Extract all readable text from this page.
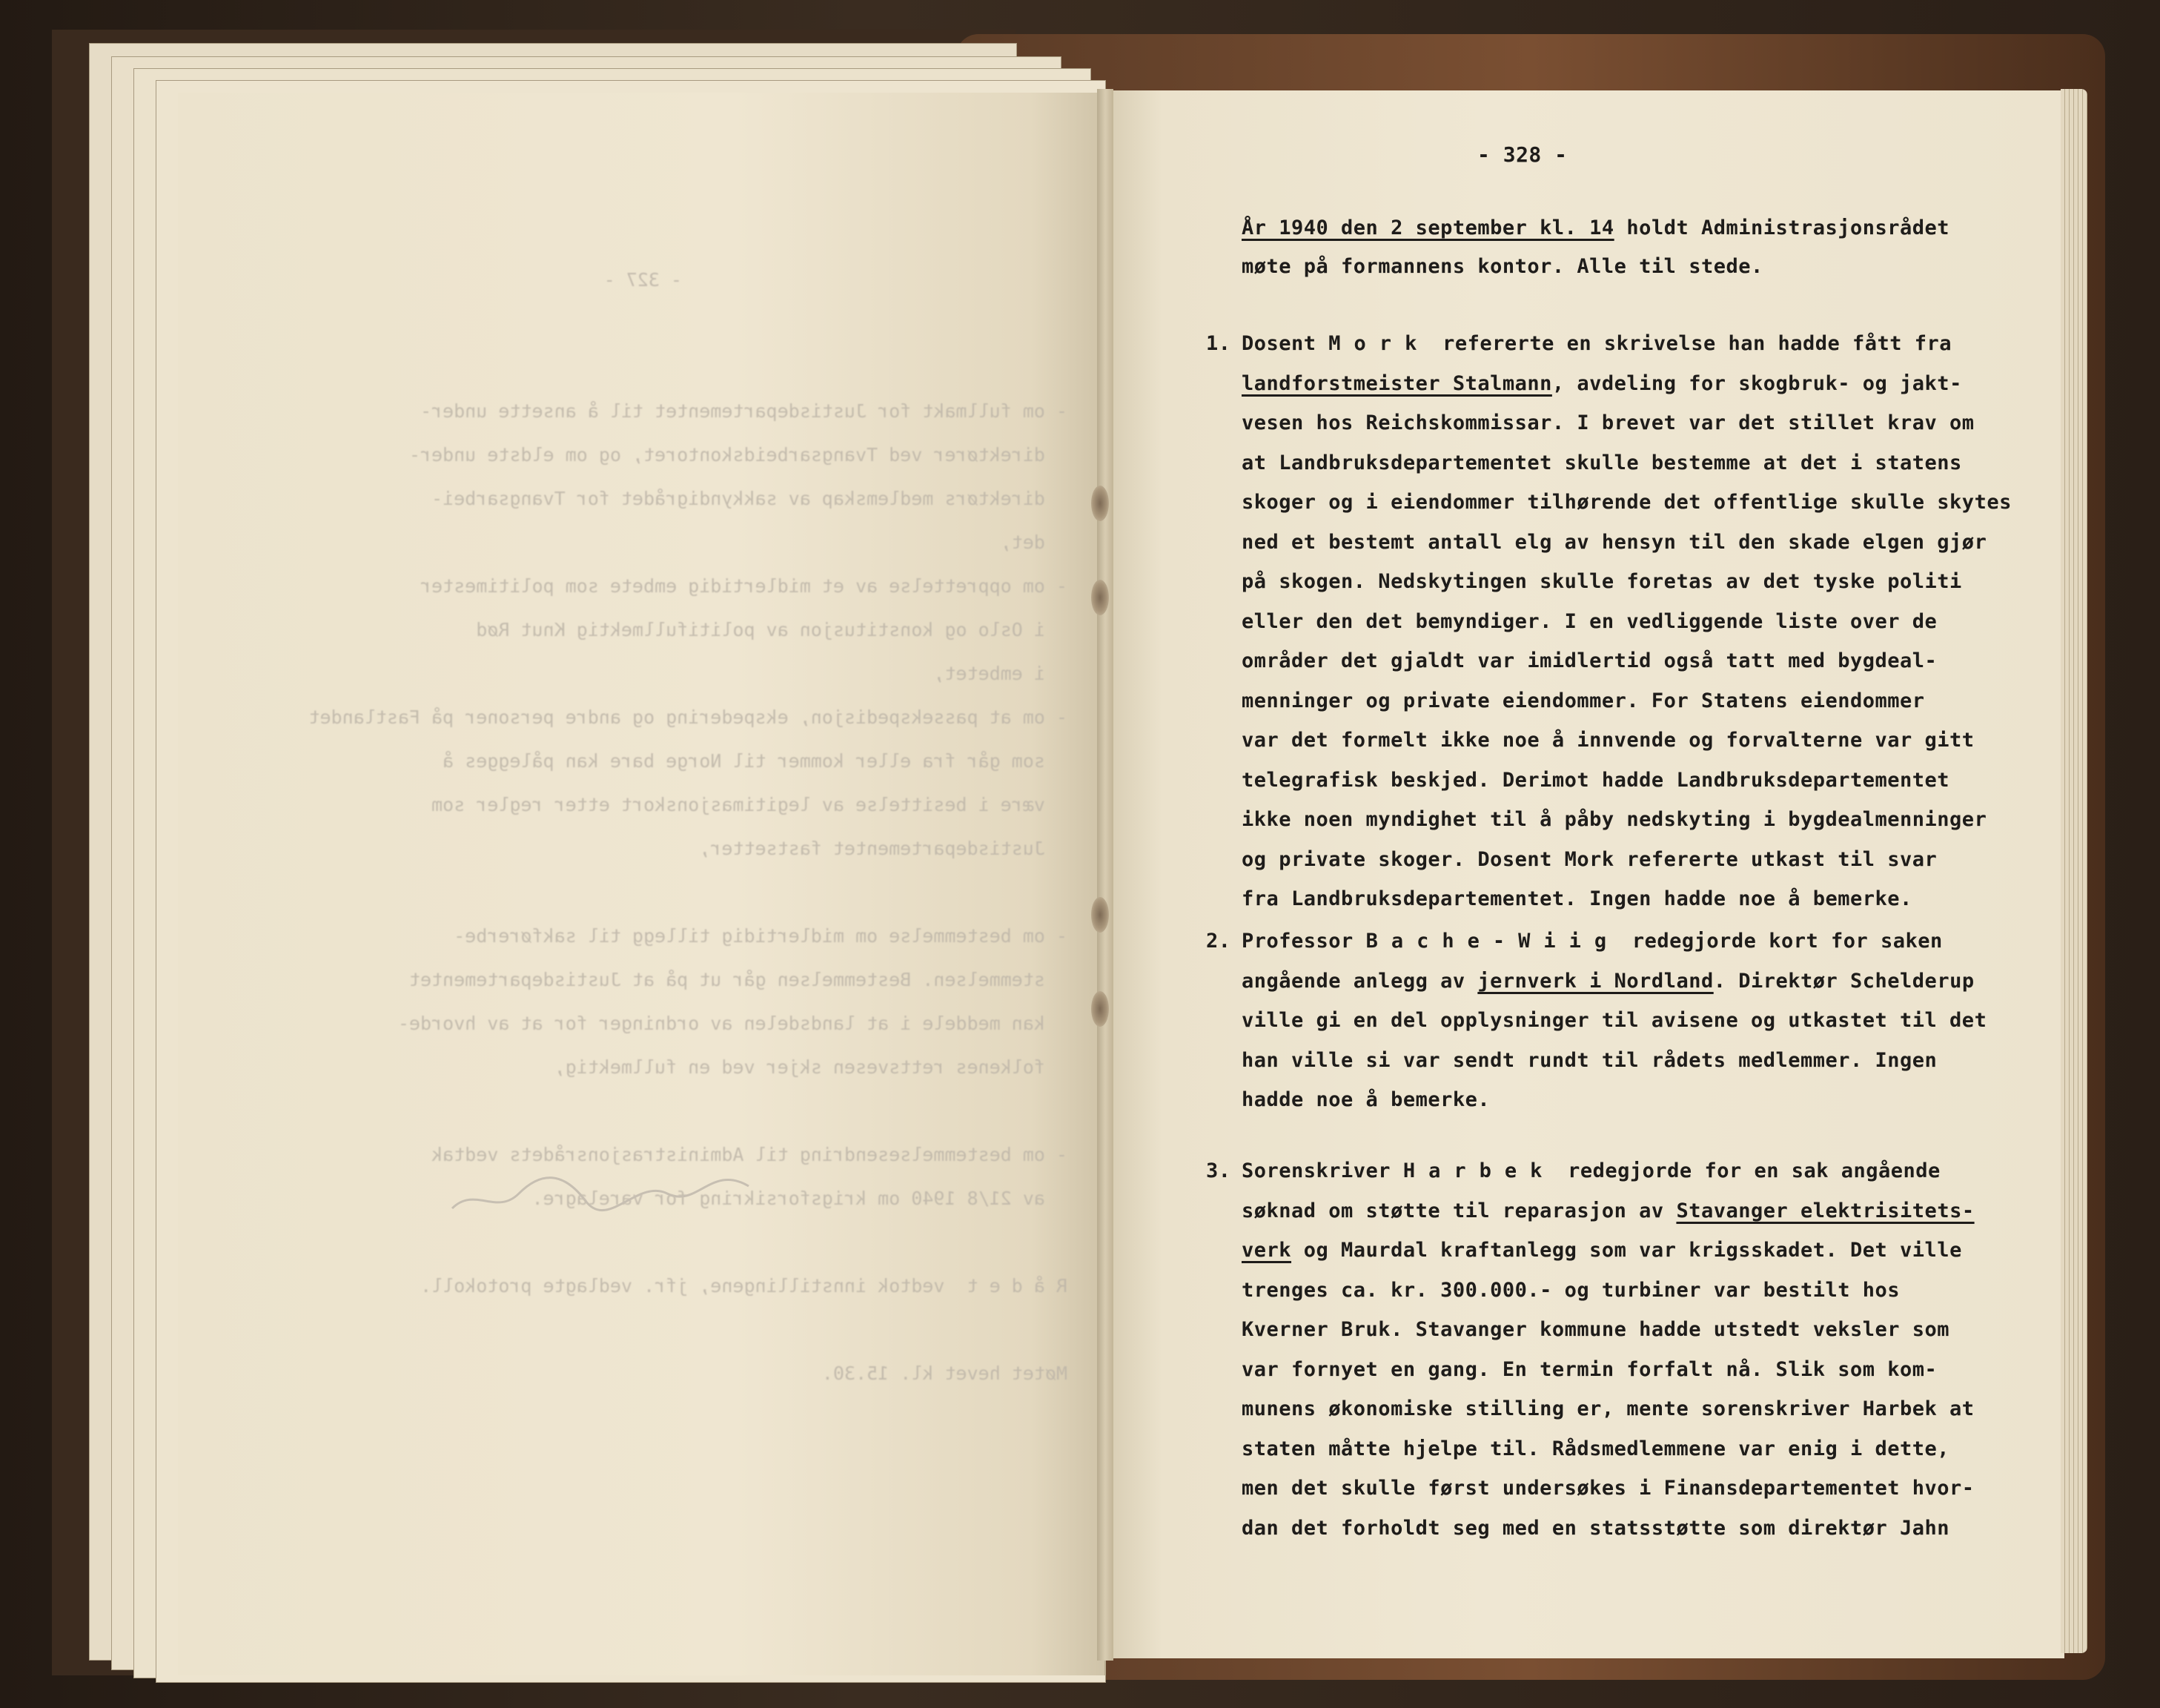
- 327 -

- om fullmakt for Justisdepartementet til å ansette under-
direktører ved Tvangsarbeidskontoret, og om eldste under-
direktørs medlemskap av sakkyndigrådet for Tvangsarbei-
det,
- om opprettelse av et midlertidig embete som politimester
i Oslo og konstitusjon av politifullmektig Knut Rød
i embetet,
- om at passekspedisjon, ekspedering og andre personer på Fastlandet
som går fra eller kommer til Norge bare kan pålegges å
være i besittelse av legitimasjonskort etter regler som
Justisdepartementet fastsetter,

- om bestemmelse om midlertidig tillegg til sakførerbe-
stemmelsen. Bestemmelsen går ut på at Justisdepartementet
kan meddele i at landsdelen av ordninger for at av hvorde-
folkenes rettsvesen skjer ved en fullmektig,

- om bestemmelsesendring til Administrasjonsrådets vedtak
av 21/8 1940 om krigsforsikring for varelagre.

R å d e t  vedtok innstillingene, jfr. vedlagte protokoll.

Møtet hevet kl. 15.30.

- 328 -
År 1940 den 2 september kl. 14 holdt Administrasjonsrådet
møte på formannens kontor. Alle til stede.
1. Dosent Mork refererte en skrivelse han hadde fått fra
landforstmeister Stalmann, avdeling for skogbruk- og jakt-
vesen hos Reichskommissar. I brevet var det stillet krav om
at Landbruksdepartementet skulle bestemme at det i statens
skoger og i eiendommer tilhørende det offentlige skulle skytes
ned et bestemt antall elg av hensyn til den skade elgen gjør
på skogen. Nedskytingen skulle foretas av det tyske politi
eller den det bemyndiger. I en vedliggende liste over de
områder det gjaldt var imidlertid også tatt med bygdeal-
menninger og private eiendommer. For Statens eiendommer
var det formelt ikke noe å innvende og forvalterne var gitt
telegrafisk beskjed. Derimot hadde Landbruksdepartementet
ikke noen myndighet til å påby nedskyting i bygdealmenninger
og private skoger. Dosent Mork refererte utkast til svar
fra Landbruksdepartementet. Ingen hadde noe å bemerke.
2. Professor Bache-Wiig redegjorde kort for saken
angående anlegg av jernverk i Nordland. Direktør Schelderup
ville gi en del opplysninger til avisene og utkastet til det
han ville si var sendt rundt til rådets medlemmer. Ingen
hadde noe å bemerke.
3. Sorenskriver Harbek redegjorde for en sak angående
søknad om støtte til reparasjon av Stavanger elektrisitets-
verk og Maurdal kraftanlegg som var krigsskadet. Det ville
trenges ca. kr. 300.000.- og turbiner var bestilt hos
Kverner Bruk. Stavanger kommune hadde utstedt veksler som
var fornyet en gang. En termin forfalt nå. Slik som kom-
munens økonomiske stilling er, mente sorenskriver Harbek at
staten måtte hjelpe til. Rådsmedlemmene var enig i dette,
men det skulle først undersøkes i Finansdepartementet hvor-
dan det forholdt seg med en statsstøtte som direktør Jahn
